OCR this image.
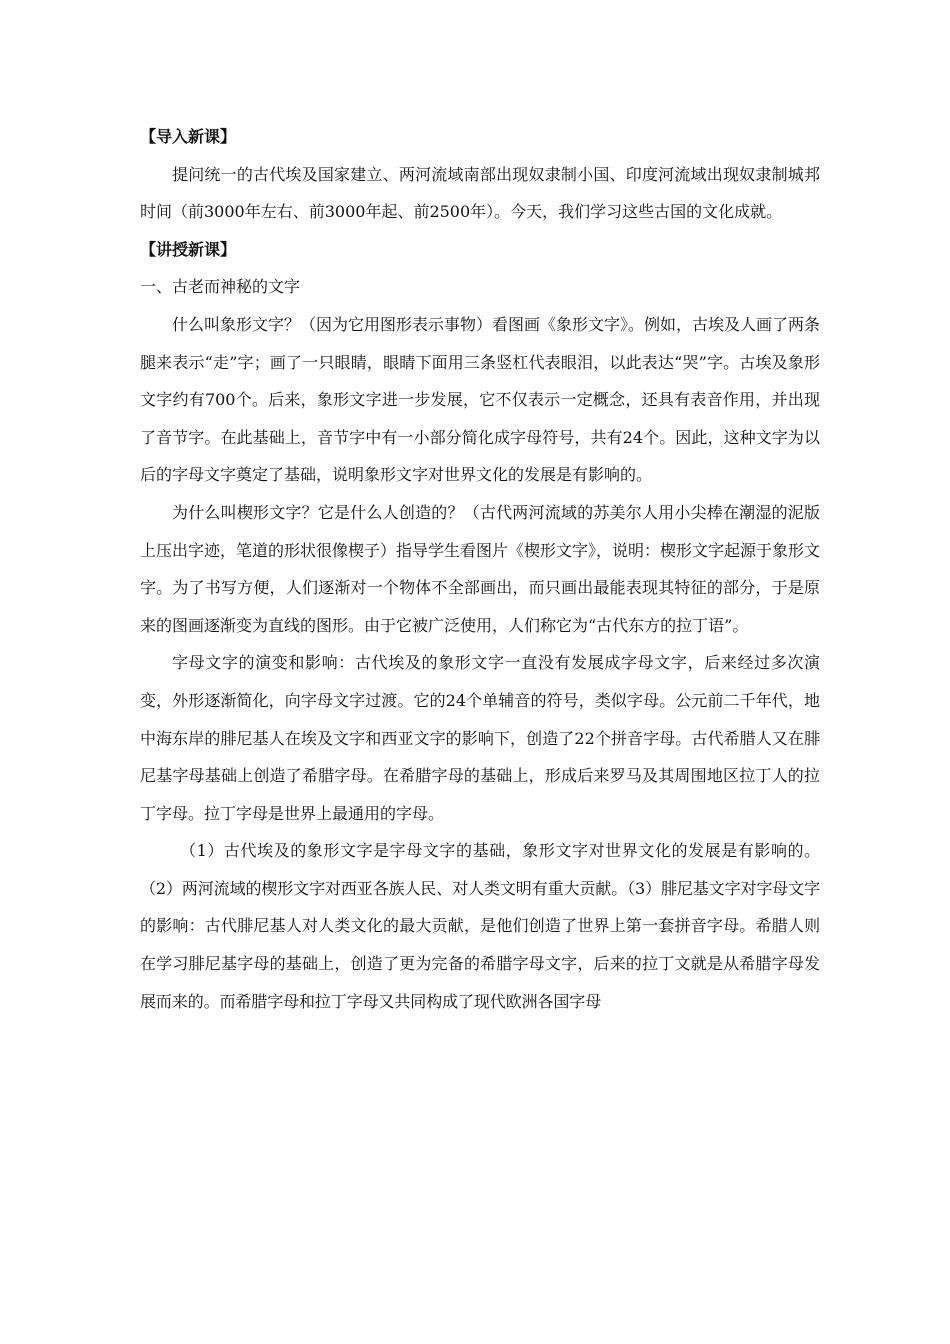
【导入新课】

提问统一的古代埃及国家建立、两河流域南部出现奴隶制小国、印度河流域出现奴隶制城邦时间（前3000年左右、前3000年起、前2500年）。今天，我们学习这些古国的文化成就。

【讲授新课】

一、古老而神秘的文字

什么叫象形文字？（因为它用图形表示事物）看图画《象形文字》。例如，古埃及人画了两条腿来表示“走”字；画了一只眼睛，眼睛下面用三条竖杠代表眼泪，以此表达“哭”字。古埃及象形文字约有700个。后来，象形文字进一步发展，它不仅表示一定概念，还具有表音作用，并出现了音节字。在此基础上，音节字中有一小部分简化成字母符号，共有24个。因此，这种文字为以后的字母文字奠定了基础，说明象形文字对世界文化的发展是有影响的。

为什么叫楔形文字？它是什么人创造的？（古代两河流域的苏美尔人用小尖棒在潮湿的泥版上压出字迹，笔道的形状很像楔子）指导学生看图片《楔形文字》，说明：楔形文字起源于象形文字。为了书写方便，人们逐渐对一个物体不全部画出，而只画出最能表现其特征的部分，于是原来的图画逐渐变为直线的图形。由于它被广泛使用，人们称它为“古代东方的拉丁语”。

字母文字的演变和影响：古代埃及的象形文字一直没有发展成字母文字，后来经过多次演变，外形逐渐简化，向字母文字过渡。它的24个单辅音的符号，类似字母。公元前二千年代，地中海东岸的腓尼基人在埃及文字和西亚文字的影响下，创造了22个拼音字母。古代希腊人又在腓尼基字母基础上创造了希腊字母。在希腊字母的基础上，形成后来罗马及其周围地区拉丁人的拉丁字母。拉丁字母是世界上最通用的字母。

（1）古代埃及的象形文字是字母文字的基础，象形文字对世界文化的发展是有影响的。（2）两河流域的楔形文字对西亚各族人民、对人类文明有重大贡献。（3）腓尼基文字对字母文字的影响：古代腓尼基人对人类文化的最大贡献，是他们创造了世界上第一套拼音字母。希腊人则在学习腓尼基字母的基础上，创造了更为完备的希腊字母文字，后来的拉丁文就是从希腊字母发展而来的。而希腊字母和拉丁字母又共同构成了现代欧洲各国字母
